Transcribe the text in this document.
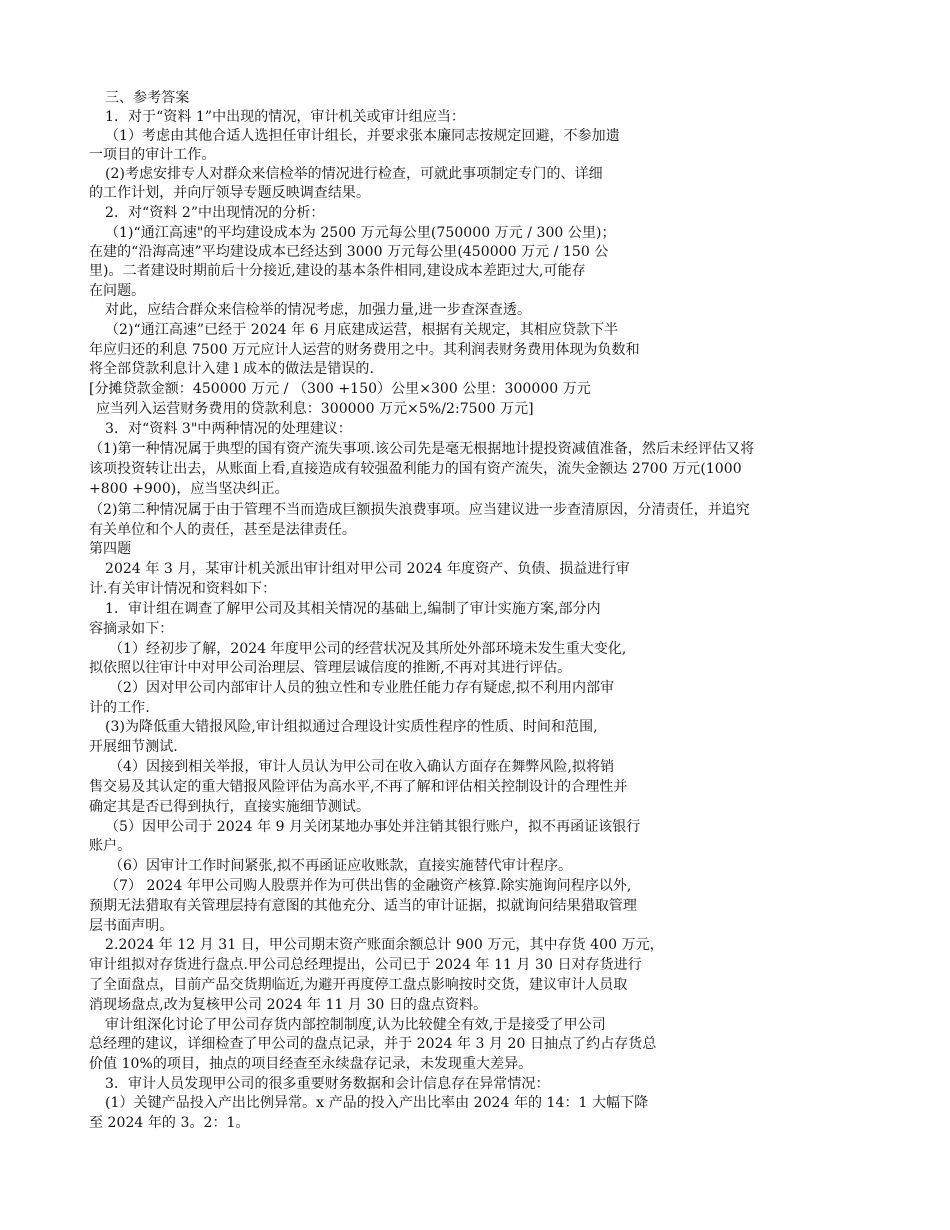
三、参考答案
1．对于“资料 1”中出现的情况，审计机关或审计组应当：
（1）考虑由其他合适人选担任审计组长，并要求张本廉同志按规定回避，不参加遗
一项目的审计工作。
(2)考虑安排专人对群众来信检举的情况进行检查，可就此事项制定专门的、详细
的工作计划，并向厅领导专题反映调查结果。
2．对“资料 2”中出现情况的分析：
（1)“通江高速"的平均建设成本为 2500 万元每公里(750000 万元 / 300 公里)；
在建的“沿海高速”平均建设成本已经达到 3000 万元每公里(450000 万元 / 150 公
里)。二者建设时期前后十分接近,建设的基本条件相同,建设成本差距过大,可能存
在问题。
对此，应结合群众来信检举的情况考虑，加强力量,进一步查深查透。
（2)“通江高速”已经于 2024 年 6 月底建成运营，根据有关规定，其相应贷款下半
年应归还的利息 7500 万元应计人运营的财务费用之中。其利润表财务费用体现为负数和
将全部贷款利息计入建 l 成本的做法是错误的.
[分摊贷款金额：450000 万元 / （300 +150）公里×300 公里：300000 万元
应当列入运营财务费用的贷款利息：300000 万元×5%/2:7500 万元]
3．对“资料 3"中两种情况的处理建议：
（1)第一种情况属于典型的国有资产流失事项.该公司先是毫无根据地计提投资减值准备，然后未经评估又将
该项投资转让出去，从账面上看,直接造成有较强盈利能力的国有资产流失，流失金额达 2700 万元(1000
+800 +900)，应当坚决纠正。
（2)第二种情况属于由于管理不当而造成巨额损失浪费事项。应当建议进一步查清原因，分清责任，并追究
有关单位和个人的责任，甚至是法律责任。
第四题
2024 年 3 月，某审计机关派出审计组对甲公司 2024 年度资产、负债、损益进行审
计.有关审计情况和资料如下：
1．审计组在调查了解甲公司及其相关情况的基础上,编制了审计实施方案,部分内
容摘录如下：
（1）经初步了解，2024 年度甲公司的经营状况及其所处外部环境未发生重大变化,
拟依照以往审计中对甲公司治理层、管理层诚信度的推断,不再对其进行评估。
（2）因对甲公司内部审计人员的独立性和专业胜任能力存有疑虑,拟不利用内部审
计的工作.
(3)为降低重大错报风险,审计组拟通过合理设计实质性程序的性质、时间和范围,
开展细节测试.
（4）因接到相关举报，审计人员认为甲公司在收入确认方面存在舞弊风险,拟将销
售交易及其认定的重大错报风险评估为高水平,不再了解和评估相关控制设计的合理性并
确定其是否已得到执行，直接实施细节测试。
（5）因甲公司于 2024 年 9 月关闭某地办事处并注销其银行账户，拟不再函证该银行
账户。
（6）因审计工作时间紧张,拟不再函证应收账款，直接实施替代审计程序。
（7） 2024 年甲公司购人股票并作为可供出售的金融资产核算.除实施询问程序以外,
预期无法猎取有关管理层持有意图的其他充分、适当的审计证据，拟就询问结果猎取管理
层书面声明。
2.2024 年 12 月 31 日，甲公司期末资产账面余额总计 900 万元，其中存货 400 万元，
审计组拟对存货进行盘点.甲公司总经理提出，公司已于 2024 年 11 月 30 日对存货进行
了全面盘点，目前产品交货期临近,为避开再度停工盘点影响按时交货，建议审计人员取
消现场盘点,改为复核甲公司 2024 年 11 月 30 日的盘点资料。
审计组深化讨论了甲公司存货内部控制制度,认为比较健全有效,于是接受了甲公司
总经理的建议，详细检查了甲公司的盘点记录，并于 2024 年 3 月 20 日抽点了约占存货总
价值 10%的项目，抽点的项目经查至永续盘存记录，未发现重大差异。
3．审计人员发现甲公司的很多重要财务数据和会计信息存在异常情况：
(1）关键产品投入产出比例异常。x 产品的投入产出比率由 2024 年的 14：1 大幅下降
至 2024 年的 3。2：1。
